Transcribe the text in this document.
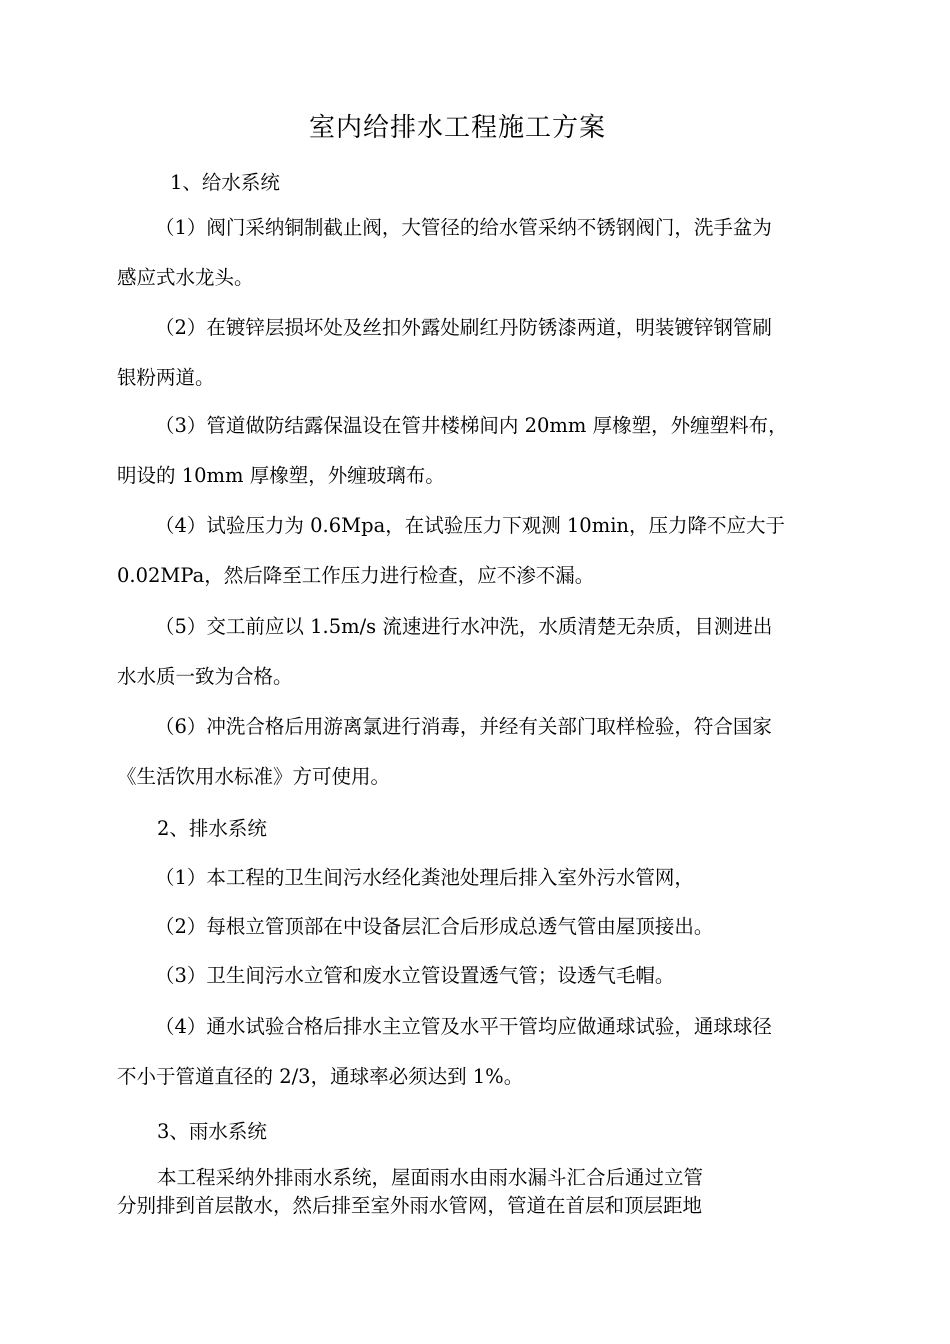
室内给排水工程施工方案
1、给水系统
（1）阀门采纳铜制截止阀，大管径的给水管采纳不锈钢阀门，洗手盆为
感应式水龙头。
（2）在镀锌层损坏处及丝扣外露处刷红丹防锈漆两道，明装镀锌钢管刷
银粉两道。
（3）管道做防结露保温设在管井楼梯间内 20mm 厚橡塑，外缠塑料布，
明设的 10mm 厚橡塑，外缠玻璃布。
（4）试验压力为 0.6Mpa，在试验压力下观测 10min，压力降不应大于
0.02MPa，然后降至工作压力进行检查，应不渗不漏。
（5）交工前应以 1.5m/s 流速进行水冲洗，水质清楚无杂质，目测进出
水水质一致为合格。
（6）冲洗合格后用游离氯进行消毒，并经有关部门取样检验，符合国家
《生活饮用水标准》方可使用。
2、排水系统
（1）本工程的卫生间污水经化粪池处理后排入室外污水管网，
（2）每根立管顶部在中设备层汇合后形成总透气管由屋顶接出。
（3）卫生间污水立管和废水立管设置透气管；设透气毛帽。
（4）通水试验合格后排水主立管及水平干管均应做通球试验，通球球径
不小于管道直径的 2/3，通球率必须达到 1%。
3、雨水系统
本工程采纳外排雨水系统，屋面雨水由雨水漏斗汇合后通过立管
分别排到首层散水，然后排至室外雨水管网，管道在首层和顶层距地
